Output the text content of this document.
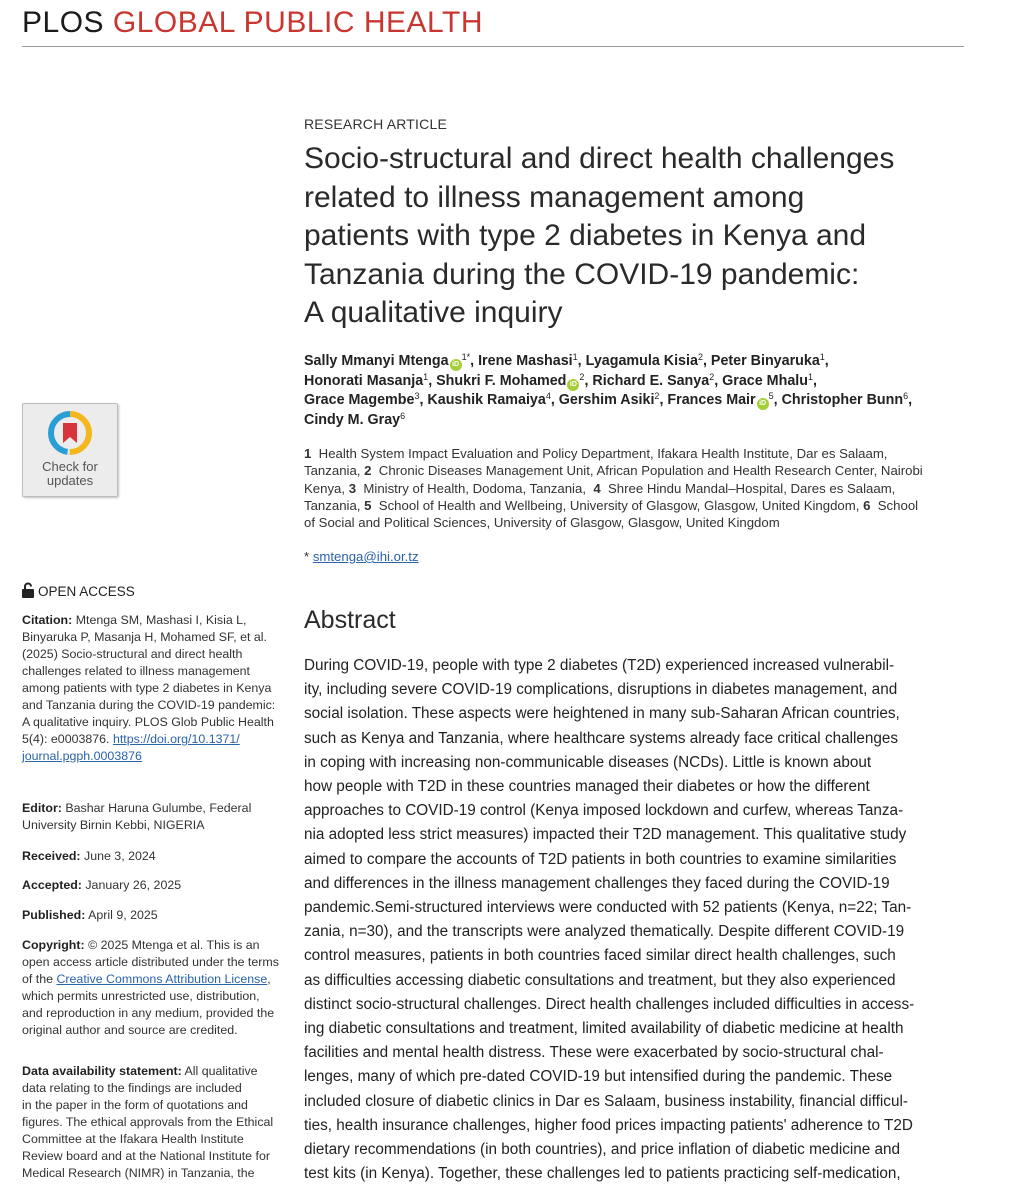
PLOS GLOBAL PUBLIC HEALTH
Check for
updates
RESEARCH ARTICLE
Socio-structural and direct health challenges
related to illness management among
patients with type 2 diabetes in Kenya and
Tanzania during the COVID-19 pandemic:
A qualitative inquiry
Sally Mmanyi Mtenga $iD^{1*}$, Irene Mashasi$^1$, Lyagamula Kisia$^2$, Peter Binyaruka$^1$,
Honorati Masanja$^1$, Shukri F. Mohamed $iD^2$, Richard E. Sanya$^2$, Grace Mhalu$^1$,
Grace Magembe$^3$, Kaushik Ramaiya$^4$, Gershim Asiki$^2$, Frances Mair $iD^5$, Christopher Bunn$^6$,
Cindy M. Gray$^6$
1 Health System Impact Evaluation and Policy Department, Ifakara Health Institute, Dar es Salaam,
Tanzania, 2 Chronic Diseases Management Unit, African Population and Health Research Center, Nairobi
Kenya, 3 Ministry of Health, Dodoma, Tanzania, 4 Shree Hindu Mandal–Hospital, Dares es Salaam,
Tanzania, 5 School of Health and Wellbeing, University of Glasgow, Glasgow, United Kingdom, 6 School
of Social and Political Sciences, University of Glasgow, Glasgow, United Kingdom
* smtenga@ihi.or.tz
OPEN ACCESS
Citation: Mtenga SM, Mashasi I, Kisia L,
Binyaruka P, Masanja H, Mohamed SF, et al.
(2025) Socio-structural and direct health
challenges related to illness management
among patients with type 2 diabetes in Kenya
and Tanzania during the COVID-19 pandemic:
A qualitative inquiry. PLOS Glob Public Health
5(4): e0003876. https://doi.org/10.1371/
journal.pgph.0003876
Editor: Bashar Haruna Gulumbe, Federal
University Birnin Kebbi, NIGERIA
Received: June 3, 2024
Accepted: January 26, 2025
Published: April 9, 2025
Copyright: © 2025 Mtenga et al. This is an
open access article distributed under the terms
of the Creative Commons Attribution License,
which permits unrestricted use, distribution,
and reproduction in any medium, provided the
original author and source are credited.
Data availability statement: All qualitative
data relating to the findings are included
in the paper in the form of quotations and
figures. The ethical approvals from the Ethical
Committee at the Ifakara Health Institute
Review board and at the National Institute for
Medical Research (NIMR) in Tanzania, the
Abstract
During COVID-19, people with type 2 diabetes (T2D) experienced increased vulnerabil-
ity, including severe COVID-19 complications, disruptions in diabetes management, and
social isolation. These aspects were heightened in many sub-Saharan African countries,
such as Kenya and Tanzania, where healthcare systems already face critical challenges
in coping with increasing non-communicable diseases (NCDs). Little is known about
how people with T2D in these countries managed their diabetes or how the different
approaches to COVID-19 control (Kenya imposed lockdown and curfew, whereas Tanza-
nia adopted less strict measures) impacted their T2D management. This qualitative study
aimed to compare the accounts of T2D patients in both countries to examine similarities
and differences in the illness management challenges they faced during the COVID-19
pandemic.Semi-structured interviews were conducted with 52 patients (Kenya, n=22; Tan-
zania, n=30), and the transcripts were analyzed thematically. Despite different COVID-19
control measures, patients in both countries faced similar direct health challenges, such
as difficulties accessing diabetic consultations and treatment, but they also experienced
distinct socio-structural challenges. Direct health challenges included difficulties in access-
ing diabetic consultations and treatment, limited availability of diabetic medicine at health
facilities and mental health distress. These were exacerbated by socio-structural chal-
lenges, many of which pre-dated COVID-19 but intensified during the pandemic. These
included closure of diabetic clinics in Dar es Salaam, business instability, financial difficul-
ties, health insurance challenges, higher food prices impacting patients' adherence to T2D
dietary recommendations (in both countries), and price inflation of diabetic medicine and
test kits (in Kenya). Together, these challenges led to patients practicing self-medication,
